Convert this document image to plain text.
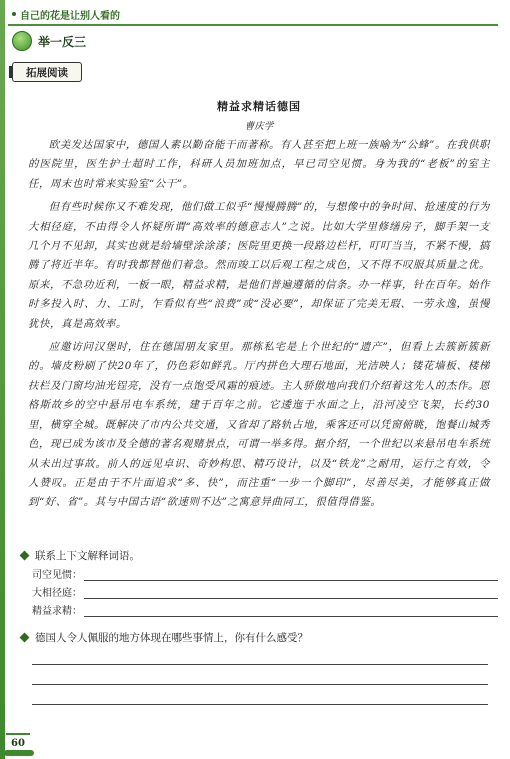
自己的花是让别人看的
举一反三
拓展阅读
精益求精话德国
曹庆学

欧美发达国家中，德国人素以勤奋能干而著称。有人甚至把上班一族喻为“公蜂”。在我供职的医院里，医生护士超时工作，科研人员加班加点，早已司空见惯。身为我的“老板”的室主任，周末也时常来实验室“公干”。

但有些时候你又不难发现，他们做工似乎“慢慢腾腾”的，与想像中的争时间、抢速度的行为大相径庭，不由得令人怀疑所谓“高效率的德意志人”之说。比如大学里修缮房子，脚手架一支几个月不见卸，其实也就是给墙壁涂涂漆；医院里更换一段路边栏杆，叮叮当当，不紧不慢，搞腾了将近半年。有时我都替他们着急。然而竣工以后观工程之成色，又不得不叹服其质量之优。原来，不急功近利，一板一眼，精益求精，是他们普遍遵循的信条。办一样事，针在百年。始作时多投入时、力、工时，乍看似有些“浪费”或“没必要”，却保证了完美无瑕、一劳永逸，虽慢犹快，真是高效率。

应邀访问汉堡时，住在德国朋友家里。那栋私宅是上个世纪的“遗产”，但看上去簇新簇新的。墙皮粉刷了快20年了，仍色彩如鲜乳。厅内拼色大理石地面，光洁映人；镂花墙板、楼梯扶栏及门窗均油光锃亮，没有一点饱受风霜的痕迹。主人骄傲地向我们介绍着这先人的杰作。恩格斯故乡的空中悬吊电车系统，建于百年之前。它逶迤于水面之上，沿河凌空飞架，长约30里，横穿全城。既解决了市内公共交通，又省却了路轨占地，乘客还可以凭窗俯眺，饱餐山城秀色，现已成为该市及全德的著名观赌景点，可谓一举多得。据介绍，一个世纪以来悬吊电车系统从未出过事故。前人的远见卓识、奇妙构思、精巧设计，以及“铁龙”之耐用，运行之有效，令人赞叹。正是由于不片面追求“多、快”，而注重“一步一个脚印”，尽善尽美，才能够真正做到“好、省”。其与中国古语“欲速则不达”之寓意异曲同工，很值得借鉴。

联系上下文解释词语。
司空见惯：
大相径庭：
精益求精：
德国人令人佩服的地方体现在哪些事情上，你有什么感受？
60
